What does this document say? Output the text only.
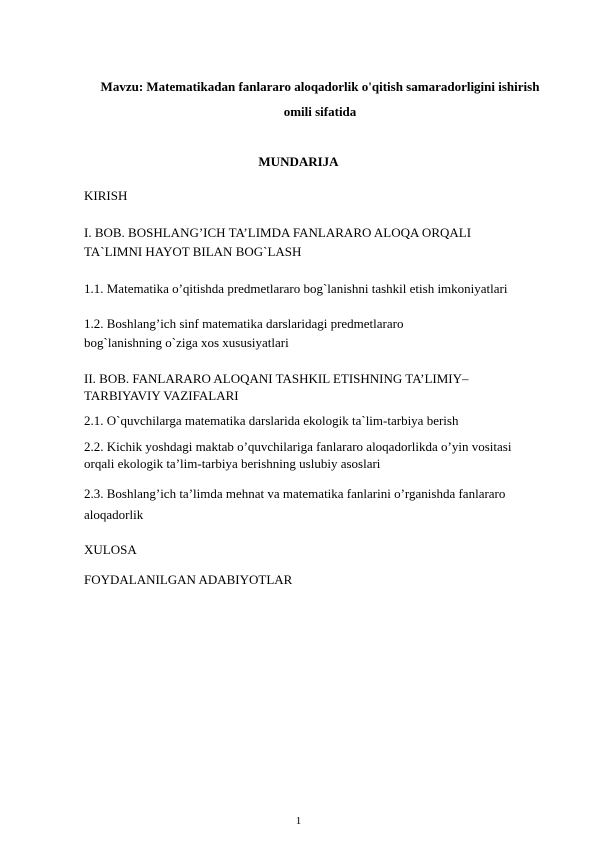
Mavzu: Matematikadan fanlararo aloqadorlik o'qitish samaradorligini ishirish
omili sifatida
MUNDARIJA
KIRISH
I. BOB. BOSHLANG’ICH TA’LIMDA FANLARARO ALOQA ORQALI
TA`LIMNI HAYOT BILAN BOG`LASH
1.1. Matematika o’qitishda predmetlararo bog`lanishni tashkil etish imkoniyatlari
1.2. Boshlang’ich sinf matematika darslaridagi predmetlararo
bog`lanishning o`ziga xos xususiyatlari
II. BOB. FANLARARO ALOQANI TASHKIL ETISHNING TA’LIMIY–
TARBIYAVIY VAZIFALARI
2.1. O`quvchilarga matematika darslarida ekologik ta`lim-tarbiya berish
2.2. Kichik yoshdagi maktab o’quvchilariga fanlararo aloqadorlikda o’yin vositasi
orqali ekologik ta’lim-tarbiya berishning uslubiy asoslari
2.3. Boshlang’ich ta’limda mehnat va matematika fanlarini o’rganishda fanlararo
aloqadorlik
XULOSA
FOYDALANILGAN ADABIYOTLAR
1
